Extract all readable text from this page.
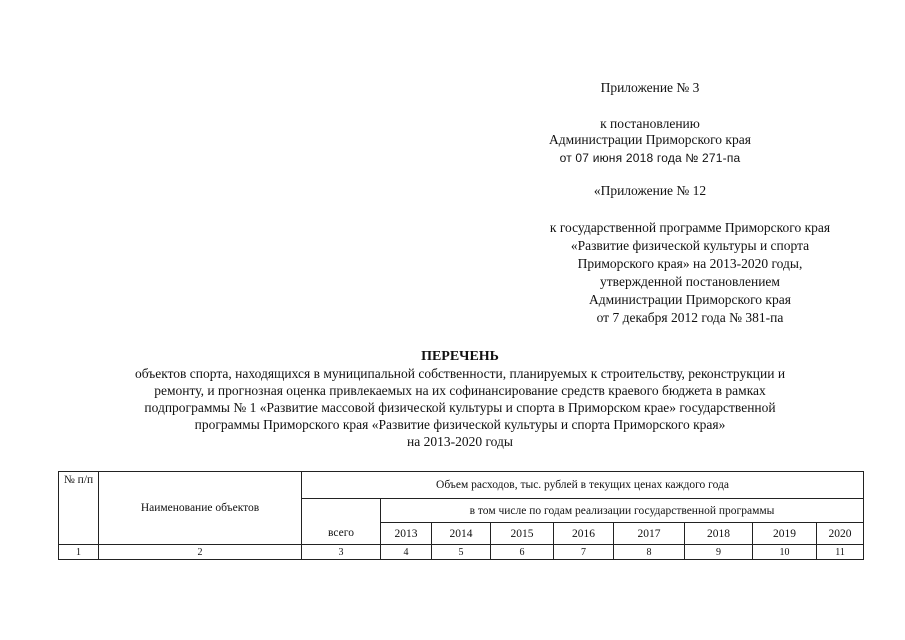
Приложение № 3
к постановлению
Администрации Приморского края
от 07 июня 2018 года № 271-па
«Приложение № 12
к государственной программе Приморского края
«Развитие физической культуры и спорта
Приморского края» на 2013-2020 годы,
утвержденной постановлением
Администрации Приморского края
от 7 декабря 2012 года № 381-па
ПЕРЕЧЕНЬ
объектов спорта, находящихся в муниципальной собственности, планируемых к строительству, реконструкции и
ремонту, и прогнозная оценка привлекаемых на их софинансирование средств краевого бюджета в рамках
подпрограммы № 1 «Развитие массовой физической культуры и спорта в Приморском крае» государственной
программы Приморского края «Развитие физической культуры и спорта Приморского края»
на 2013-2020 годы
№ п/п	Наименование объектов	Объем расходов, тыс. рублей в текущих ценах каждого года								
		всего	в том числе по годам реализации государственной программы							
			2013	2014	2015	2016	2017	2018	2019	2020
1	2	3	4	5	6	7	8	9	10	11
